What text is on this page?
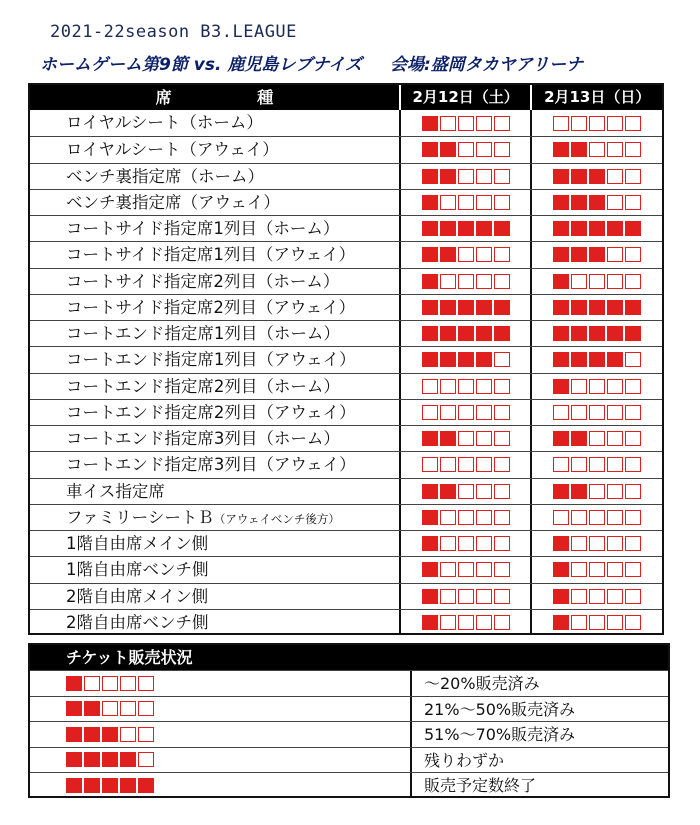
2021-22season B3.LEAGUE
ホームゲーム第9節 vs. 鹿児島レブナイズ 会場:盛岡タカヤアリーナ
席 種	2月12日（土）	2月13日（日）
ロイヤルシート（ホーム）
ロイヤルシート（アウェイ）
ベンチ裏指定席（ホーム）
ベンチ裏指定席（アウェイ）
コートサイド指定席1列目（ホーム）
コートサイド指定席1列目（アウェイ）
コートサイド指定席2列目（ホーム）
コートサイド指定席2列目（アウェイ）
コートエンド指定席1列目（ホーム）
コートエンド指定席1列目（アウェイ）
コートエンド指定席2列目（ホーム）
コートエンド指定席2列目（アウェイ）
コートエンド指定席3列目（ホーム）
コートエンド指定席3列目（アウェイ）
車イス指定席
ファミリーシートＢ（アウェイベンチ後方）
1階自由席メイン側
1階自由席ベンチ側
2階自由席メイン側
2階自由席ベンチ側
チケット販売状況
～20%販売済み
21%～50%販売済み
51%～70%販売済み
残りわずか
販売予定数終了
